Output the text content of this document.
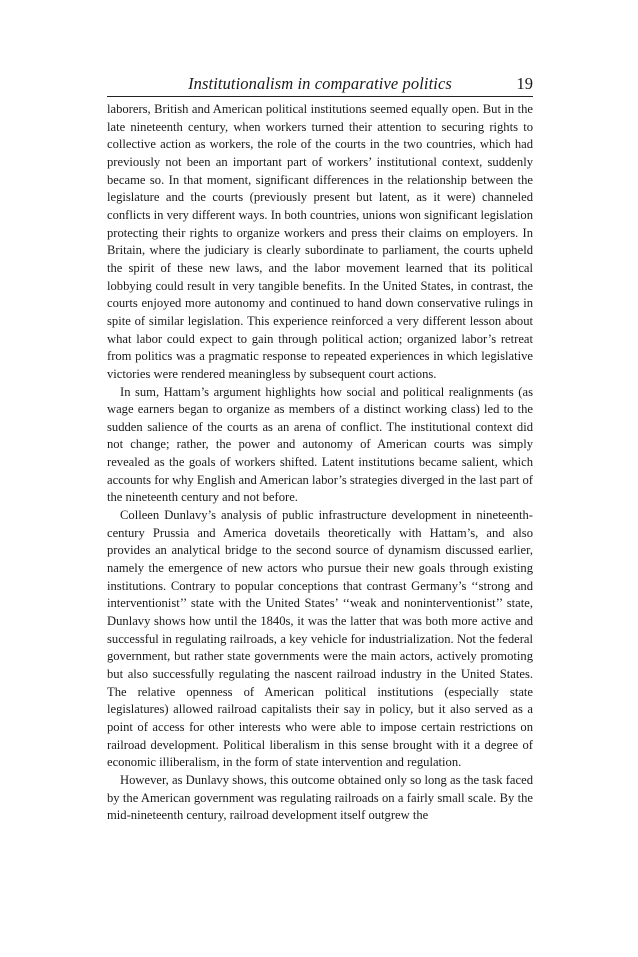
Institutionalism in comparative politics	19

laborers, British and American political institutions seemed equally open. But in the late nineteenth century, when workers turned their attention to securing rights to collective action as workers, the role of the courts in the two countries, which had previously not been an important part of workers’ institutional context, suddenly became so. In that moment, significant differences in the relationship between the legislature and the courts (previously present but latent, as it were) channeled conflicts in very different ways. In both countries, unions won significant legislation protecting their rights to organize workers and press their claims on employers. In Britain, where the judiciary is clearly subordinate to parliament, the courts upheld the spirit of these new laws, and the labor movement learned that its political lobbying could result in very tangible benefits. In the United States, in contrast, the courts enjoyed more autonomy and continued to hand down conservative rulings in spite of similar legislation. This experience reinforced a very different lesson about what labor could expect to gain through political action; organized labor’s retreat from politics was a pragmatic response to repeated experiences in which legislative victories were rendered meaningless by subsequent court actions.

In sum, Hattam’s argument highlights how social and political realignments (as wage earners began to organize as members of a distinct working class) led to the sudden salience of the courts as an arena of conflict. The institutional context did not change; rather, the power and autonomy of American courts was simply revealed as the goals of workers shifted. Latent institutions became salient, which accounts for why English and American labor’s strategies diverged in the last part of the nineteenth century and not before.

Colleen Dunlavy’s analysis of public infrastructure development in nineteenth-century Prussia and America dovetails theoretically with Hattam’s, and also provides an analytical bridge to the second source of dynamism discussed earlier, namely the emergence of new actors who pursue their new goals through existing institutions. Contrary to popular conceptions that contrast Germany’s ‘‘strong and interventionist’’ state with the United States’ ‘‘weak and noninterventionist’’ state, Dunlavy shows how until the 1840s, it was the latter that was both more active and successful in regulating railroads, a key vehicle for industrialization. Not the federal government, but rather state governments were the main actors, actively promoting but also successfully regulating the nascent railroad industry in the United States. The relative openness of American political institutions (especially state legislatures) allowed railroad capitalists their say in policy, but it also served as a point of access for other interests who were able to impose certain restrictions on railroad development. Political liberalism in this sense brought with it a degree of economic illiberalism, in the form of state intervention and regulation.

However, as Dunlavy shows, this outcome obtained only so long as the task faced by the American government was regulating railroads on a fairly small scale. By the mid-nineteenth century, railroad development itself outgrew the
